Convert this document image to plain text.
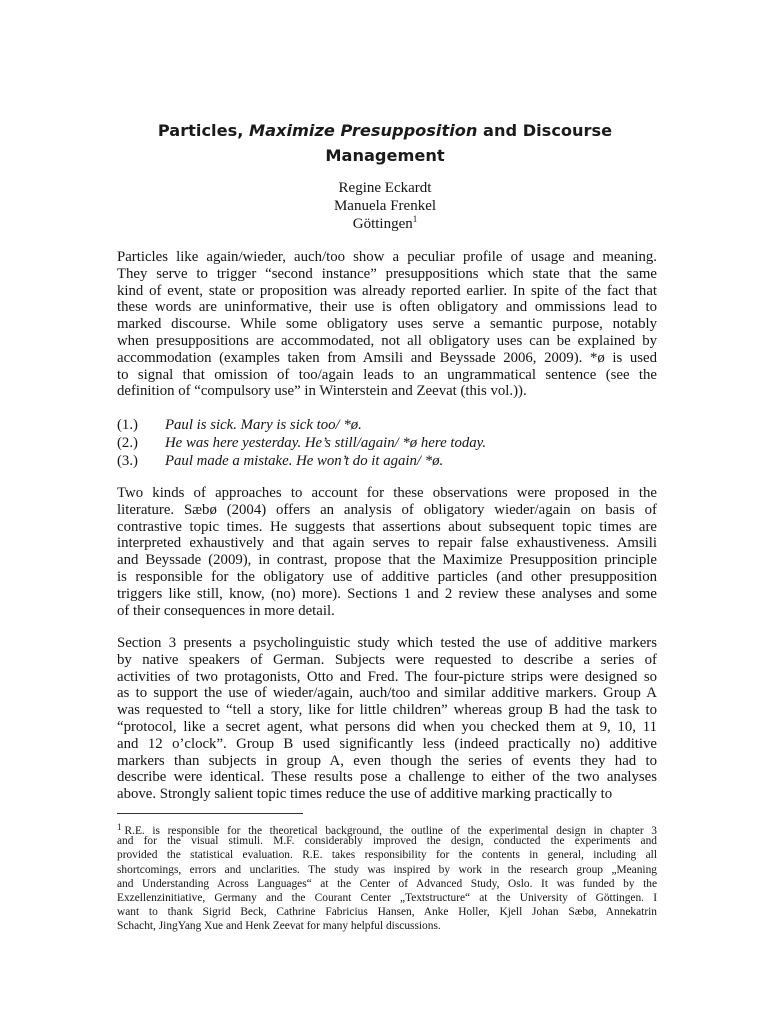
Particles, Maximize Presupposition and Discourse
Management
Regine Eckardt
Manuela Frenkel
Göttingen$^1$
Particles like again/wieder, auch/too show a peculiar profile of usage and meaning.
They serve to trigger “second instance” presuppositions which state that the same
kind of event, state or proposition was already reported earlier. In spite of the fact that
these words are uninformative, their use is often obligatory and ommissions lead to
marked discourse. While some obligatory uses serve a semantic purpose, notably
when presuppositions are accommodated, not all obligatory uses can be explained by
accommodation (examples taken from Amsili and Beyssade 2006, 2009). *ø is used
to signal that omission of too/again leads to an ungrammatical sentence (see the
definition of “compulsory use” in Winterstein and Zeevat (this vol.)).
(1.)	Paul is sick. Mary is sick too/ *ø.
(2.)	He was here yesterday. He’s still/again/ *ø here today.
(3.)	Paul made a mistake. He won’t do it again/ *ø.
Two kinds of approaches to account for these observations were proposed in the
literature. Sæbø (2004) offers an analysis of obligatory wieder/again on basis of
contrastive topic times. He suggests that assertions about subsequent topic times are
interpreted exhaustively and that again serves to repair false exhaustiveness. Amsili
and Beyssade (2009), in contrast, propose that the Maximize Presupposition principle
is responsible for the obligatory use of additive particles (and other presupposition
triggers like still, know, (no) more). Sections 1 and 2 review these analyses and some
of their consequences in more detail.
Section 3 presents a psycholinguistic study which tested the use of additive markers
by native speakers of German. Subjects were requested to describe a series of
activities of two protagonists, Otto and Fred. The four-picture strips were designed so
as to support the use of wieder/again, auch/too and similar additive markers. Group A
was requested to “tell a story, like for little children” whereas group B had the task to
“protocol, like a secret agent, what persons did when you checked them at 9, 10, 11
and 12 o’clock”. Group B used significantly less (indeed practically no) additive
markers than subjects in group A, even though the series of events they had to
describe were identical. These results pose a challenge to either of the two analyses
above. Strongly salient topic times reduce the use of additive marking practically to
$^1$ R.E. is responsible for the theoretical background, the outline of the experimental design in chapter 3
and for the visual stimuli. M.F. considerably improved the design, conducted the experiments and
provided the statistical evaluation. R.E. takes responsibility for the contents in general, including all
shortcomings, errors and unclarities. The study was inspired by work in the research group „Meaning
and Understanding Across Languages“ at the Center of Advanced Study, Oslo. It was funded by the
Exzellenzinitiative, Germany and the Courant Center „Textstructure“ at the University of Göttingen. I
want to thank Sigrid Beck, Cathrine Fabricius Hansen, Anke Holler, Kjell Johan Sæbø, Annekatrin
Schacht, JingYang Xue and Henk Zeevat for many helpful discussions.
